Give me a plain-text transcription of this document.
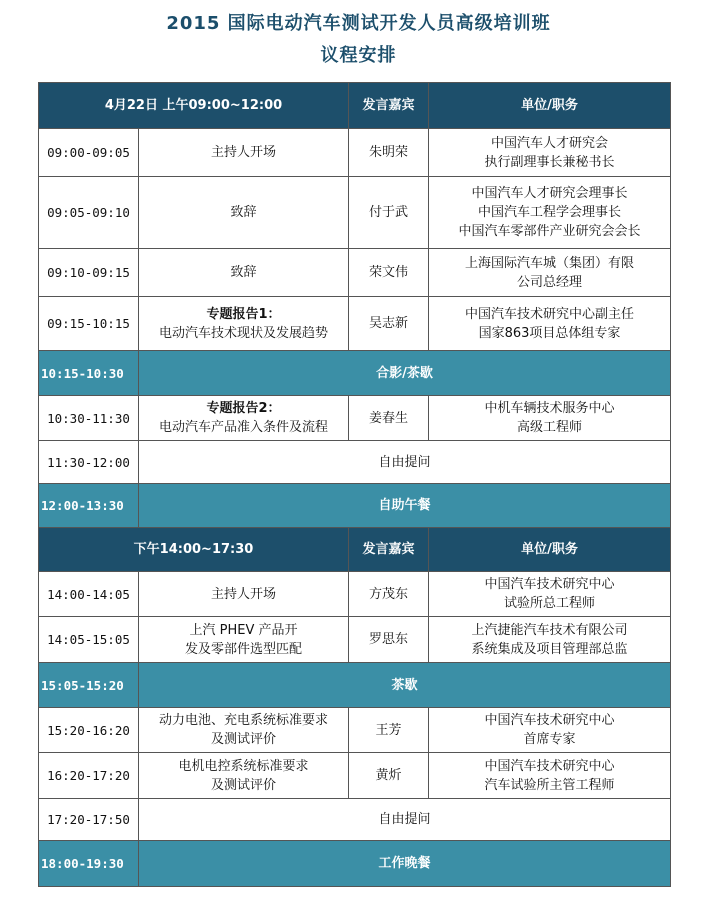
2015 国际电动汽车测试开发人员高级培训班
议程安排
4月22日 上午09:00~12:00		发言嘉宾	单位/职务
09:00-09:05	主持人开场	朱明荣	中国汽车人才研究会
执行副理事长兼秘书长

09:05-09:10	致辞	付于武	中国汽车人才研究会理事长
中国汽车工程学会理事长
中国汽车零部件产业研究会会长

09:10-09:15	致辞	荣文伟	上海国际汽车城（集团）有限
公司总经理

09:15-10:15	专题报告1：
电动汽车技术现状及发展趋势	吴志新	中国汽车技术研究中心副主任
国家863项目总体组专家

10:15-10:30	合影/茶歇		
10:30-11:30	专题报告2：
电动汽车产品准入条件及流程	姜春生	中机车辆技术服务中心
高级工程师

11:30-12:00	自由提问		
12:00-13:30	自助午餐		
下午14:00~17:30		发言嘉宾	单位/职务
14:00-14:05	主持人开场	方茂东	中国汽车技术研究中心
试验所总工程师

14:05-15:05	上汽 PHEV 产品开
发及零部件选型匹配	罗思东	上汽捷能汽车技术有限公司
系统集成及项目管理部总监

15:05-15:20	茶歇		
15:20-16:20	动力电池、充电系统标准要求
及测试评价	王芳	中国汽车技术研究中心
首席专家

16:20-17:20	电机电控系统标准要求
及测试评价	黄炘	中国汽车技术研究中心
汽车试验所主管工程师

17:20-17:50	自由提问		
18:00-19:30	工作晚餐		
